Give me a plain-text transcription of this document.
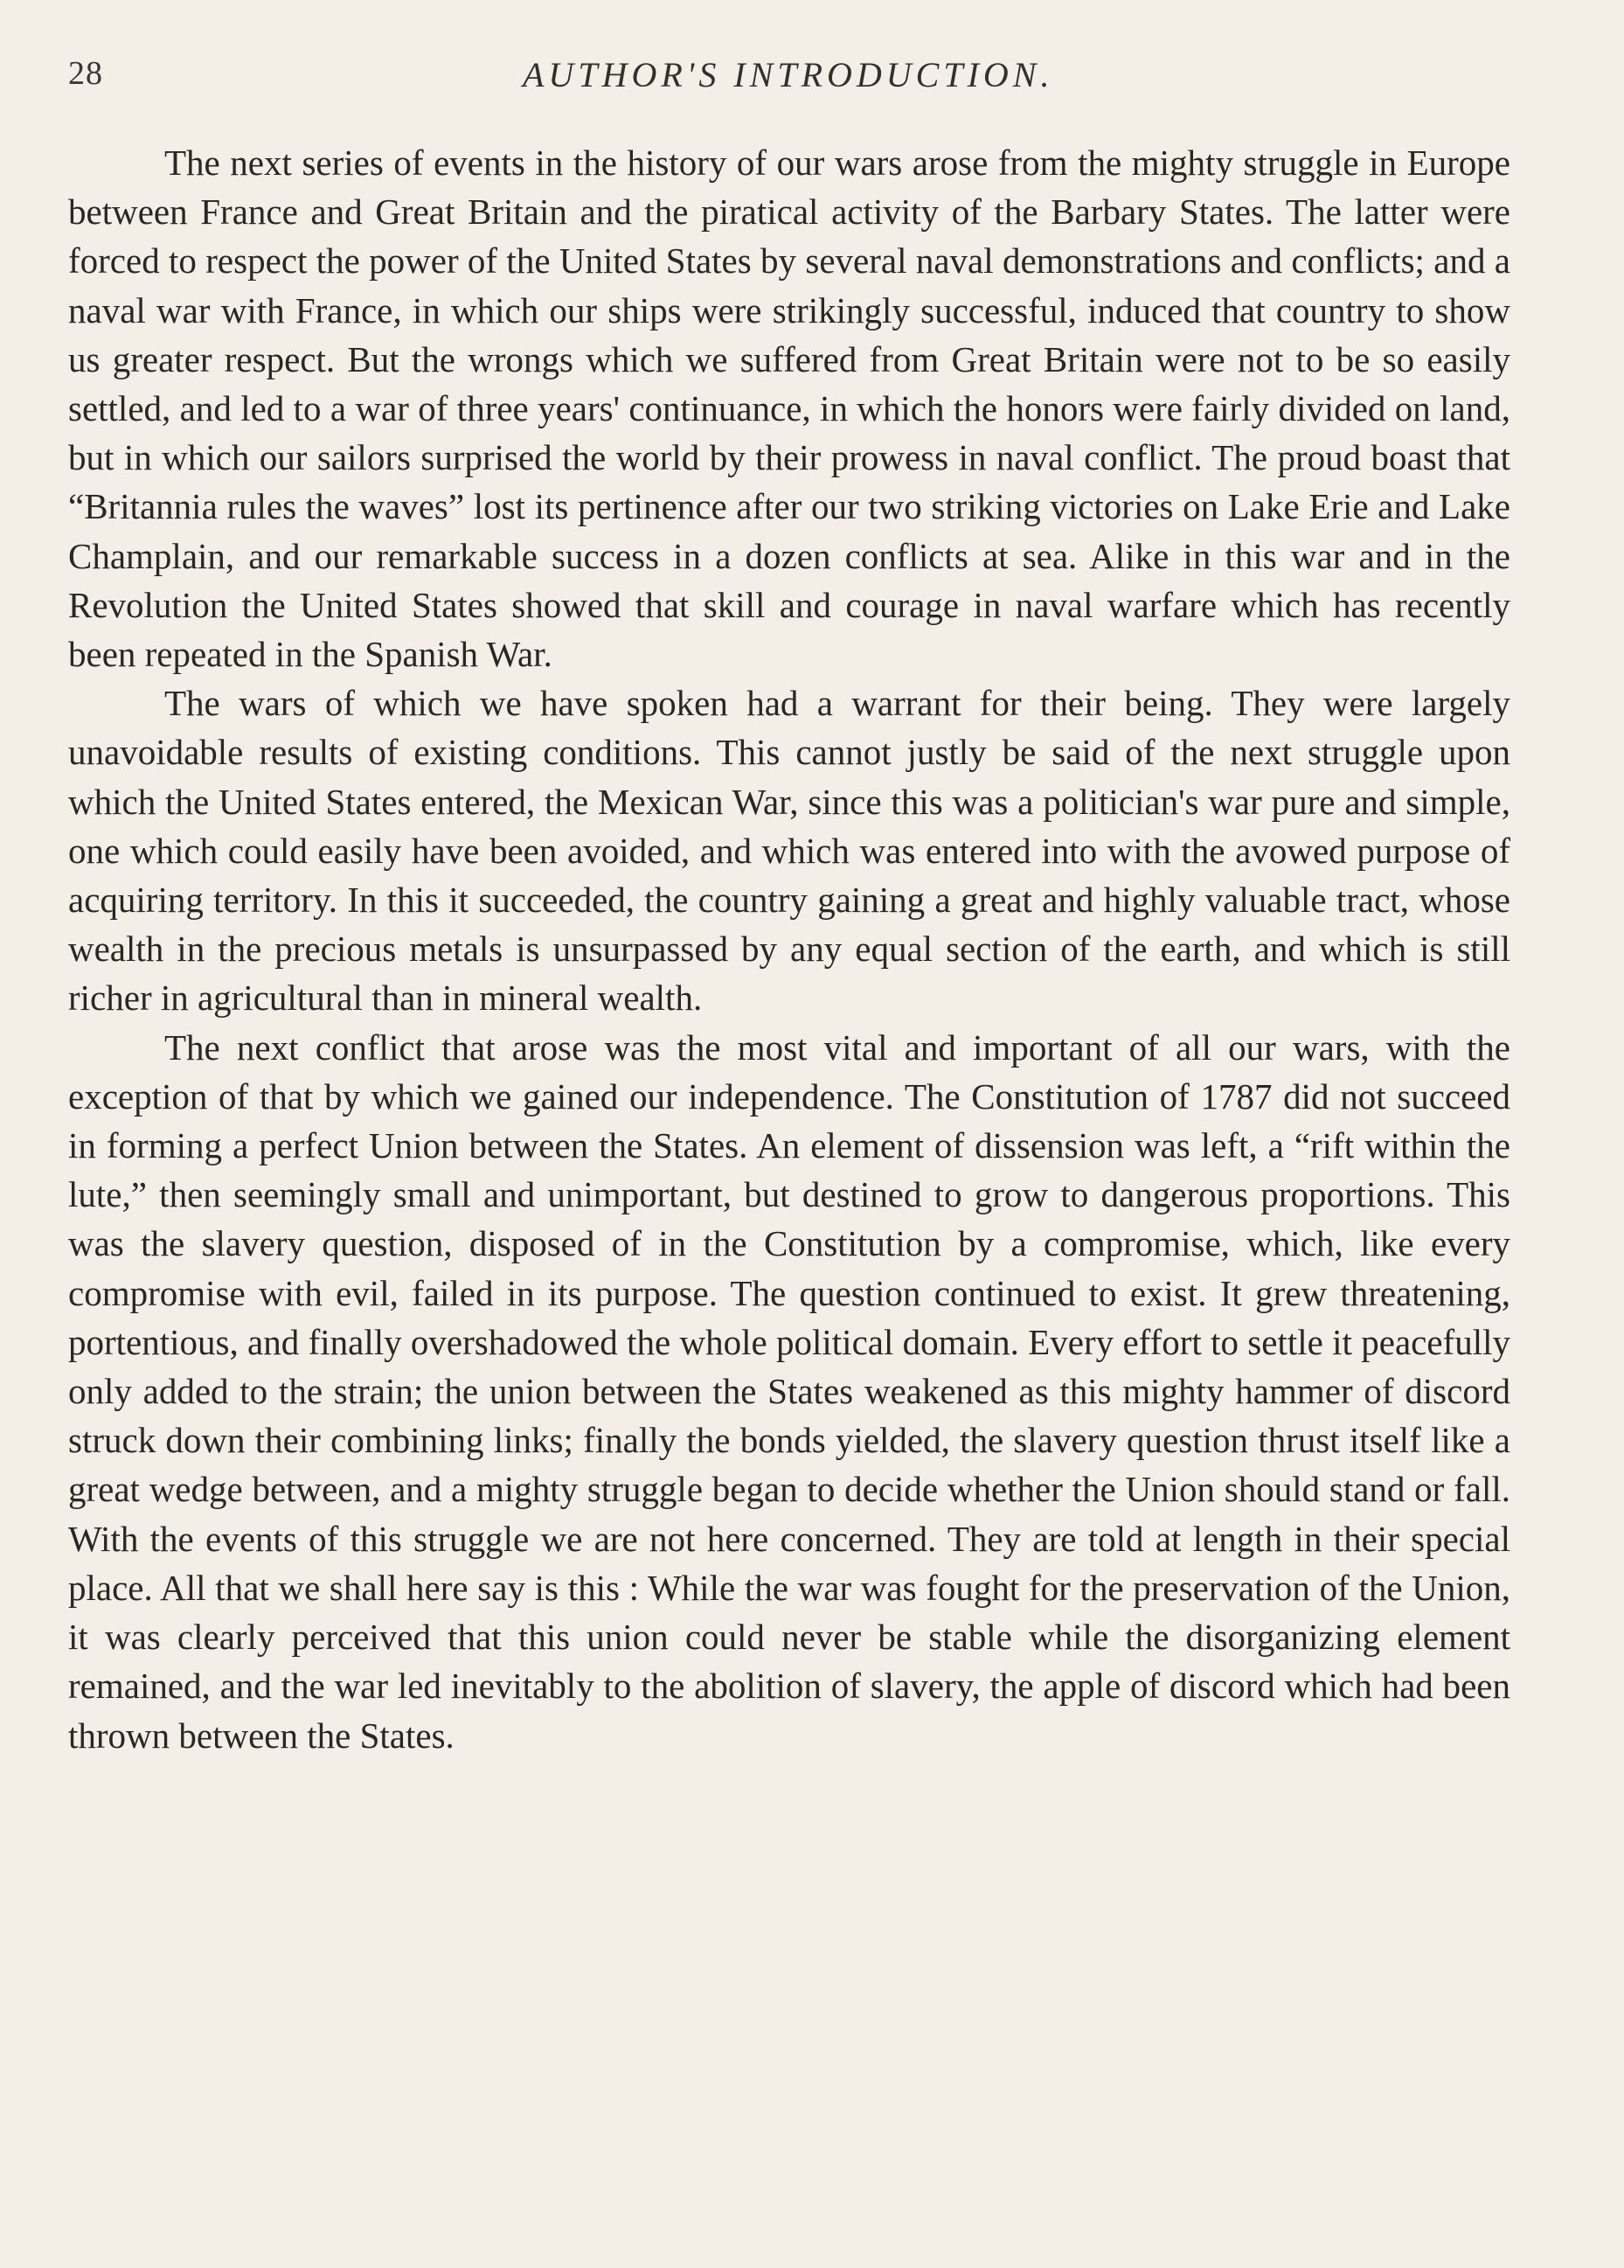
28	AUTHOR'S INTRODUCTION.

The next series of events in the history of our wars arose from the mighty struggle in Europe between France and Great Britain and the piratical activity of the Barbary States. The latter were forced to respect the power of the United States by several naval demonstrations and conflicts; and a naval war with France, in which our ships were strikingly successful, induced that country to show us greater respect. But the wrongs which we suffered from Great Britain were not to be so easily settled, and led to a war of three years' continuance, in which the honors were fairly divided on land, but in which our sailors surprised the world by their prowess in naval conflict. The proud boast that “Britannia rules the waves” lost its pertinence after our two striking victories on Lake Erie and Lake Champlain, and our remarkable success in a dozen conflicts at sea. Alike in this war and in the Revolution the United States showed that skill and courage in naval warfare which has recently been repeated in the Spanish War.

The wars of which we have spoken had a warrant for their being. They were largely unavoidable results of existing conditions. This cannot justly be said of the next struggle upon which the United States entered, the Mexican War, since this was a politician's war pure and simple, one which could easily have been avoided, and which was entered into with the avowed purpose of acquiring territory. In this it succeeded, the country gaining a great and highly valuable tract, whose wealth in the precious metals is unsurpassed by any equal section of the earth, and which is still richer in agricultural than in mineral wealth.

The next conflict that arose was the most vital and important of all our wars, with the exception of that by which we gained our independence. The Constitution of 1787 did not succeed in forming a perfect Union between the States. An element of dissension was left, a “rift within the lute,” then seemingly small and unimportant, but destined to grow to dangerous proportions. This was the slavery question, disposed of in the Constitution by a compromise, which, like every compromise with evil, failed in its purpose. The question continued to exist. It grew threatening, portentious, and finally overshadowed the whole political domain. Every effort to settle it peacefully only added to the strain; the union between the States weakened as this mighty hammer of discord struck down their combining links; finally the bonds yielded, the slavery question thrust itself like a great wedge between, and a mighty struggle began to decide whether the Union should stand or fall. With the events of this struggle we are not here concerned. They are told at length in their special place. All that we shall here say is this : While the war was fought for the preservation of the Union, it was clearly perceived that this union could never be stable while the disorganizing element remained, and the war led inevitably to the abolition of slavery, the apple of discord which had been thrown between the States.
